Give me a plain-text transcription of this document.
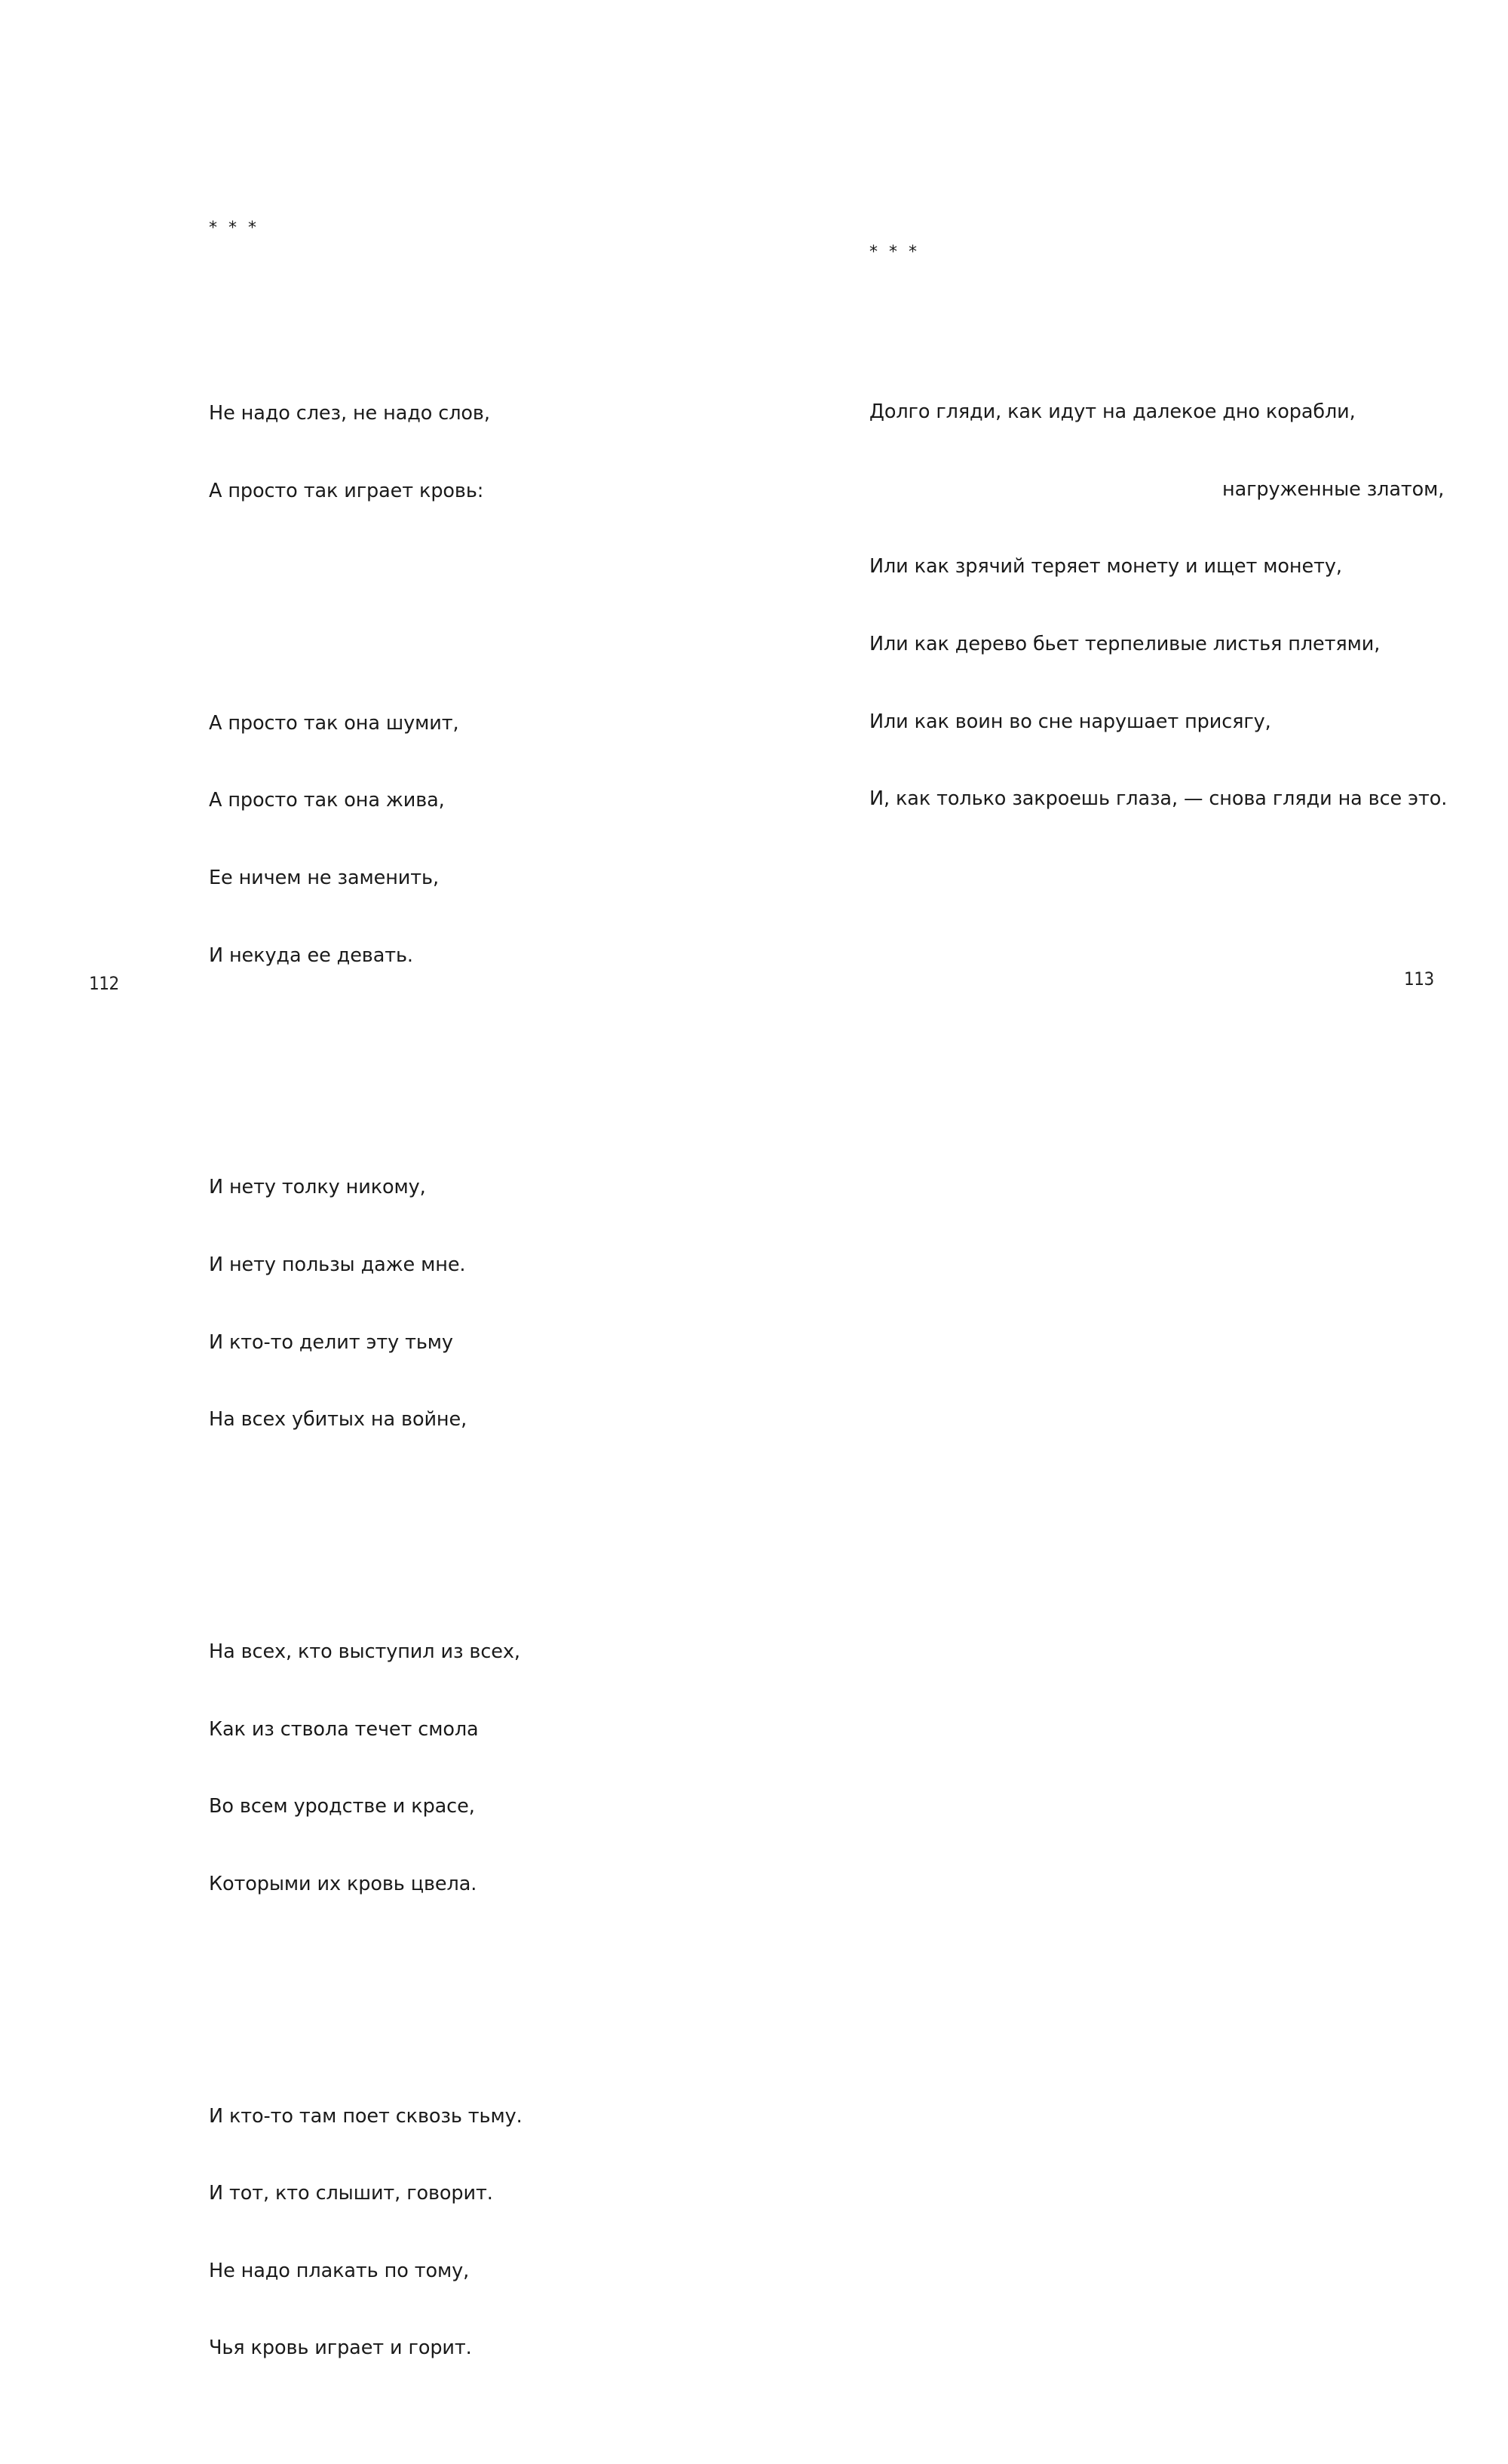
* * *

Не надо слез, не надо слов,

А просто так играет кровь:

А просто так она шумит,

А просто так она жива,

Ее ничем не заменить,

И некуда ее девать.

И нету толку никому,

И нету пользы даже мне.

И кто-то делит эту тьму

На всех убитых на войне,

На всех, кто выступил из всех,

Как из ствола течет смола

Во всем уродстве и красе,

Которыми их кровь цвела.

И кто-то там поет сквозь тьму.

И тот, кто слышит, говорит.

Не надо плакать по тому,

Чья кровь играет и горит.

112

* * *

Долго гляди, как идут на далекое дно корабли,

нагруженные златом,

Или как зрячий теряет монету и ищет монету,

Или как дерево бьет терпеливые листья плетями,

Или как воин во сне нарушает присягу,

И, как только закроешь глаза, — снова гляди на все это.

113
